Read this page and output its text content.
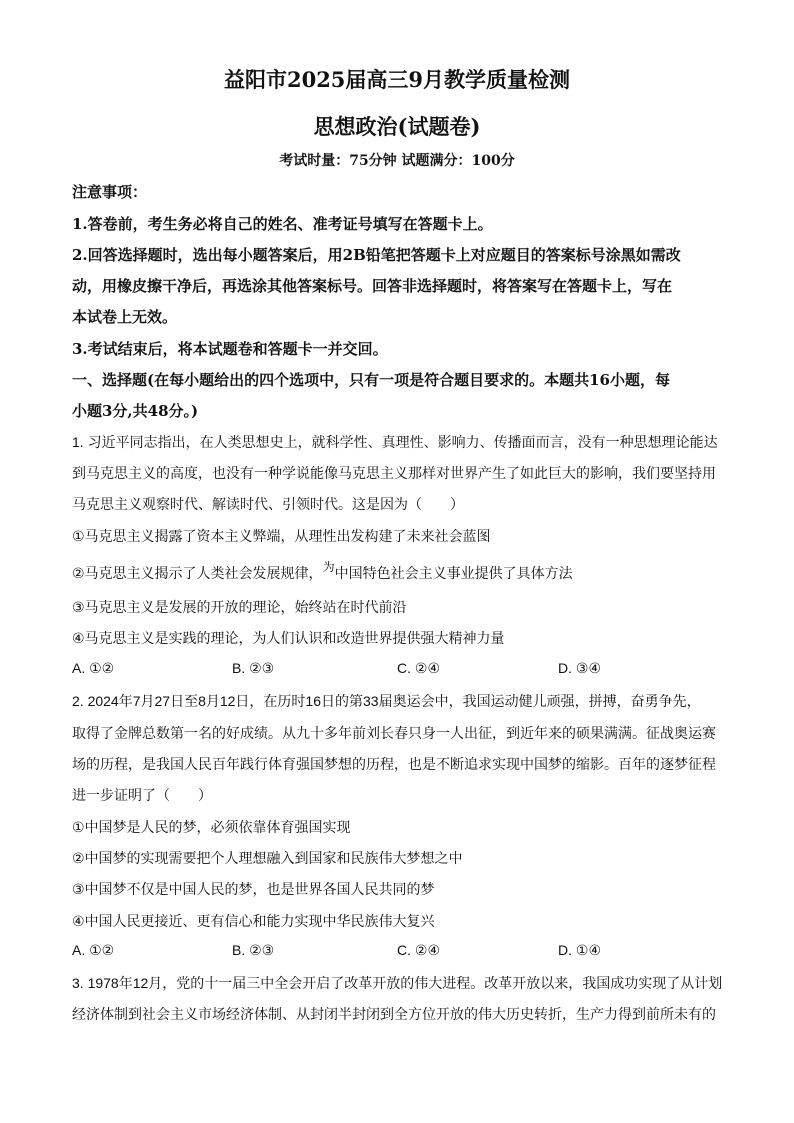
益阳市2025届高三9月教学质量检测
思想政治(试题卷)
考试时量：75分钟 试题满分：100分
注意事项：
1.答卷前，考生务必将自己的姓名、准考证号填写在答题卡上。
2.回答选择题时，选出每小题答案后，用2B铅笔把答题卡上对应题目的答案标号涂黑如需改
动，用橡皮擦干净后，再选涂其他答案标号。回答非选择题时，将答案写在答题卡上，写在
本试卷上无效。
3.考试结束后，将本试题卷和答题卡一并交回。
一、选择题(在每小题给出的四个选项中，只有一项是符合题目要求的。本题共16小题，每
小题3分,共48分。)
1. 习近平同志指出，在人类思想史上，就科学性、真理性、影响力、传播面而言，没有一种思想理论能达
到马克思主义的高度，也没有一种学说能像马克思主义那样对世界产生了如此巨大的影响，我们要坚持用
马克思主义观察时代、解读时代、引领时代。这是因为（　　）
①马克思主义揭露了资本主义弊端，从理性出发构建了未来社会蓝图
②马克思主义揭示了人类社会发展规律，为中国特色社会主义事业提供了具体方法
③马克思主义是发展的开放的理论，始终站在时代前沿
④马克思主义是实践的理论，为人们认识和改造世界提供强大精神力量
A. ①②	B. ②③	C. ②④	D. ③④
2. 2024年7月27日至8月12日，在历时16日的第33届奥运会中，我国运动健儿顽强，拼搏，奋勇争先，
取得了金牌总数第一名的好成绩。从九十多年前刘长春只身一人出征，到近年来的硕果满满。征战奥运赛
场的历程，是我国人民百年践行体育强国梦想的历程，也是不断追求实现中国梦的缩影。百年的逐梦征程
进一步证明了（　　）
①中国梦是人民的梦，必须依靠体育强国实现
②中国梦的实现需要把个人理想融入到国家和民族伟大梦想之中
③中国梦不仅是中国人民的梦，也是世界各国人民共同的梦
④中国人民更接近、更有信心和能力实现中华民族伟大复兴
A. ①②	B. ②③	C. ②④	D. ①④
3. 1978年12月，党的十一届三中全会开启了改革开放的伟大进程。改革开放以来，我国成功实现了从计划
经济体制到社会主义市场经济体制、从封闭半封闭到全方位开放的伟大历史转折，生产力得到前所未有的
